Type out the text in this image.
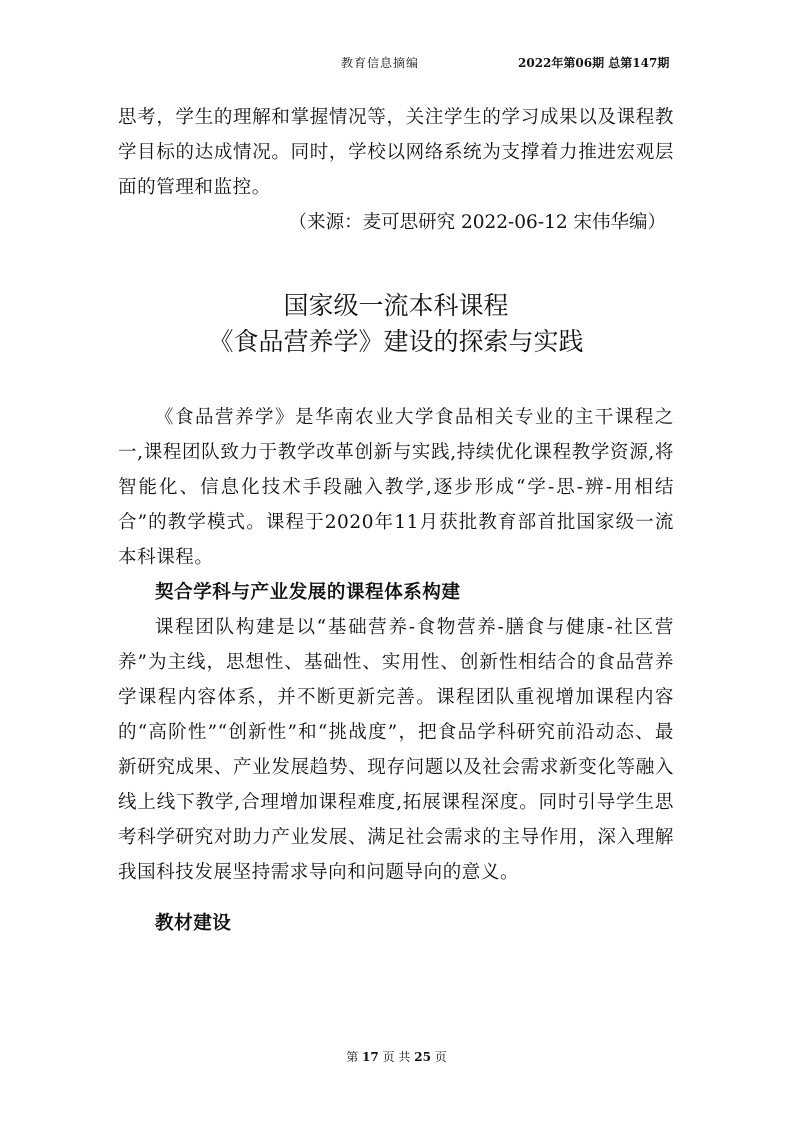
教育信息摘编	2022年第06期 总第147期

思考，学生的理解和掌握情况等，关注学生的学习成果以及课程教学目标的达成情况。同时，学校以网络系统为支撑着力推进宏观层面的管理和监控。

（来源：麦可思研究 2022-06-12 宋伟华编）

国家级一流本科课程
《食品营养学》建设的探索与实践

《食品营养学》是华南农业大学食品相关专业的主干课程之一,课程团队致力于教学改革创新与实践,持续优化课程教学资源,将智能化、信息化技术手段融入教学,逐步形成“学-思-辨-用相结合”的教学模式。课程于2020年11月获批教育部首批国家级一流本科课程。

契合学科与产业发展的课程体系构建

课程团队构建是以“基础营养-食物营养-膳食与健康-社区营养”为主线，思想性、基础性、实用性、创新性相结合的食品营养学课程内容体系，并不断更新完善。课程团队重视增加课程内容的“高阶性”“创新性”和“挑战度”，把食品学科研究前沿动态、最新研究成果、产业发展趋势、现存问题以及社会需求新变化等融入线上线下教学,合理增加课程难度,拓展课程深度。同时引导学生思考科学研究对助力产业发展、满足社会需求的主导作用，深入理解我国科技发展坚持需求导向和问题导向的意义。

教材建设

第 17 页 共 25 页
